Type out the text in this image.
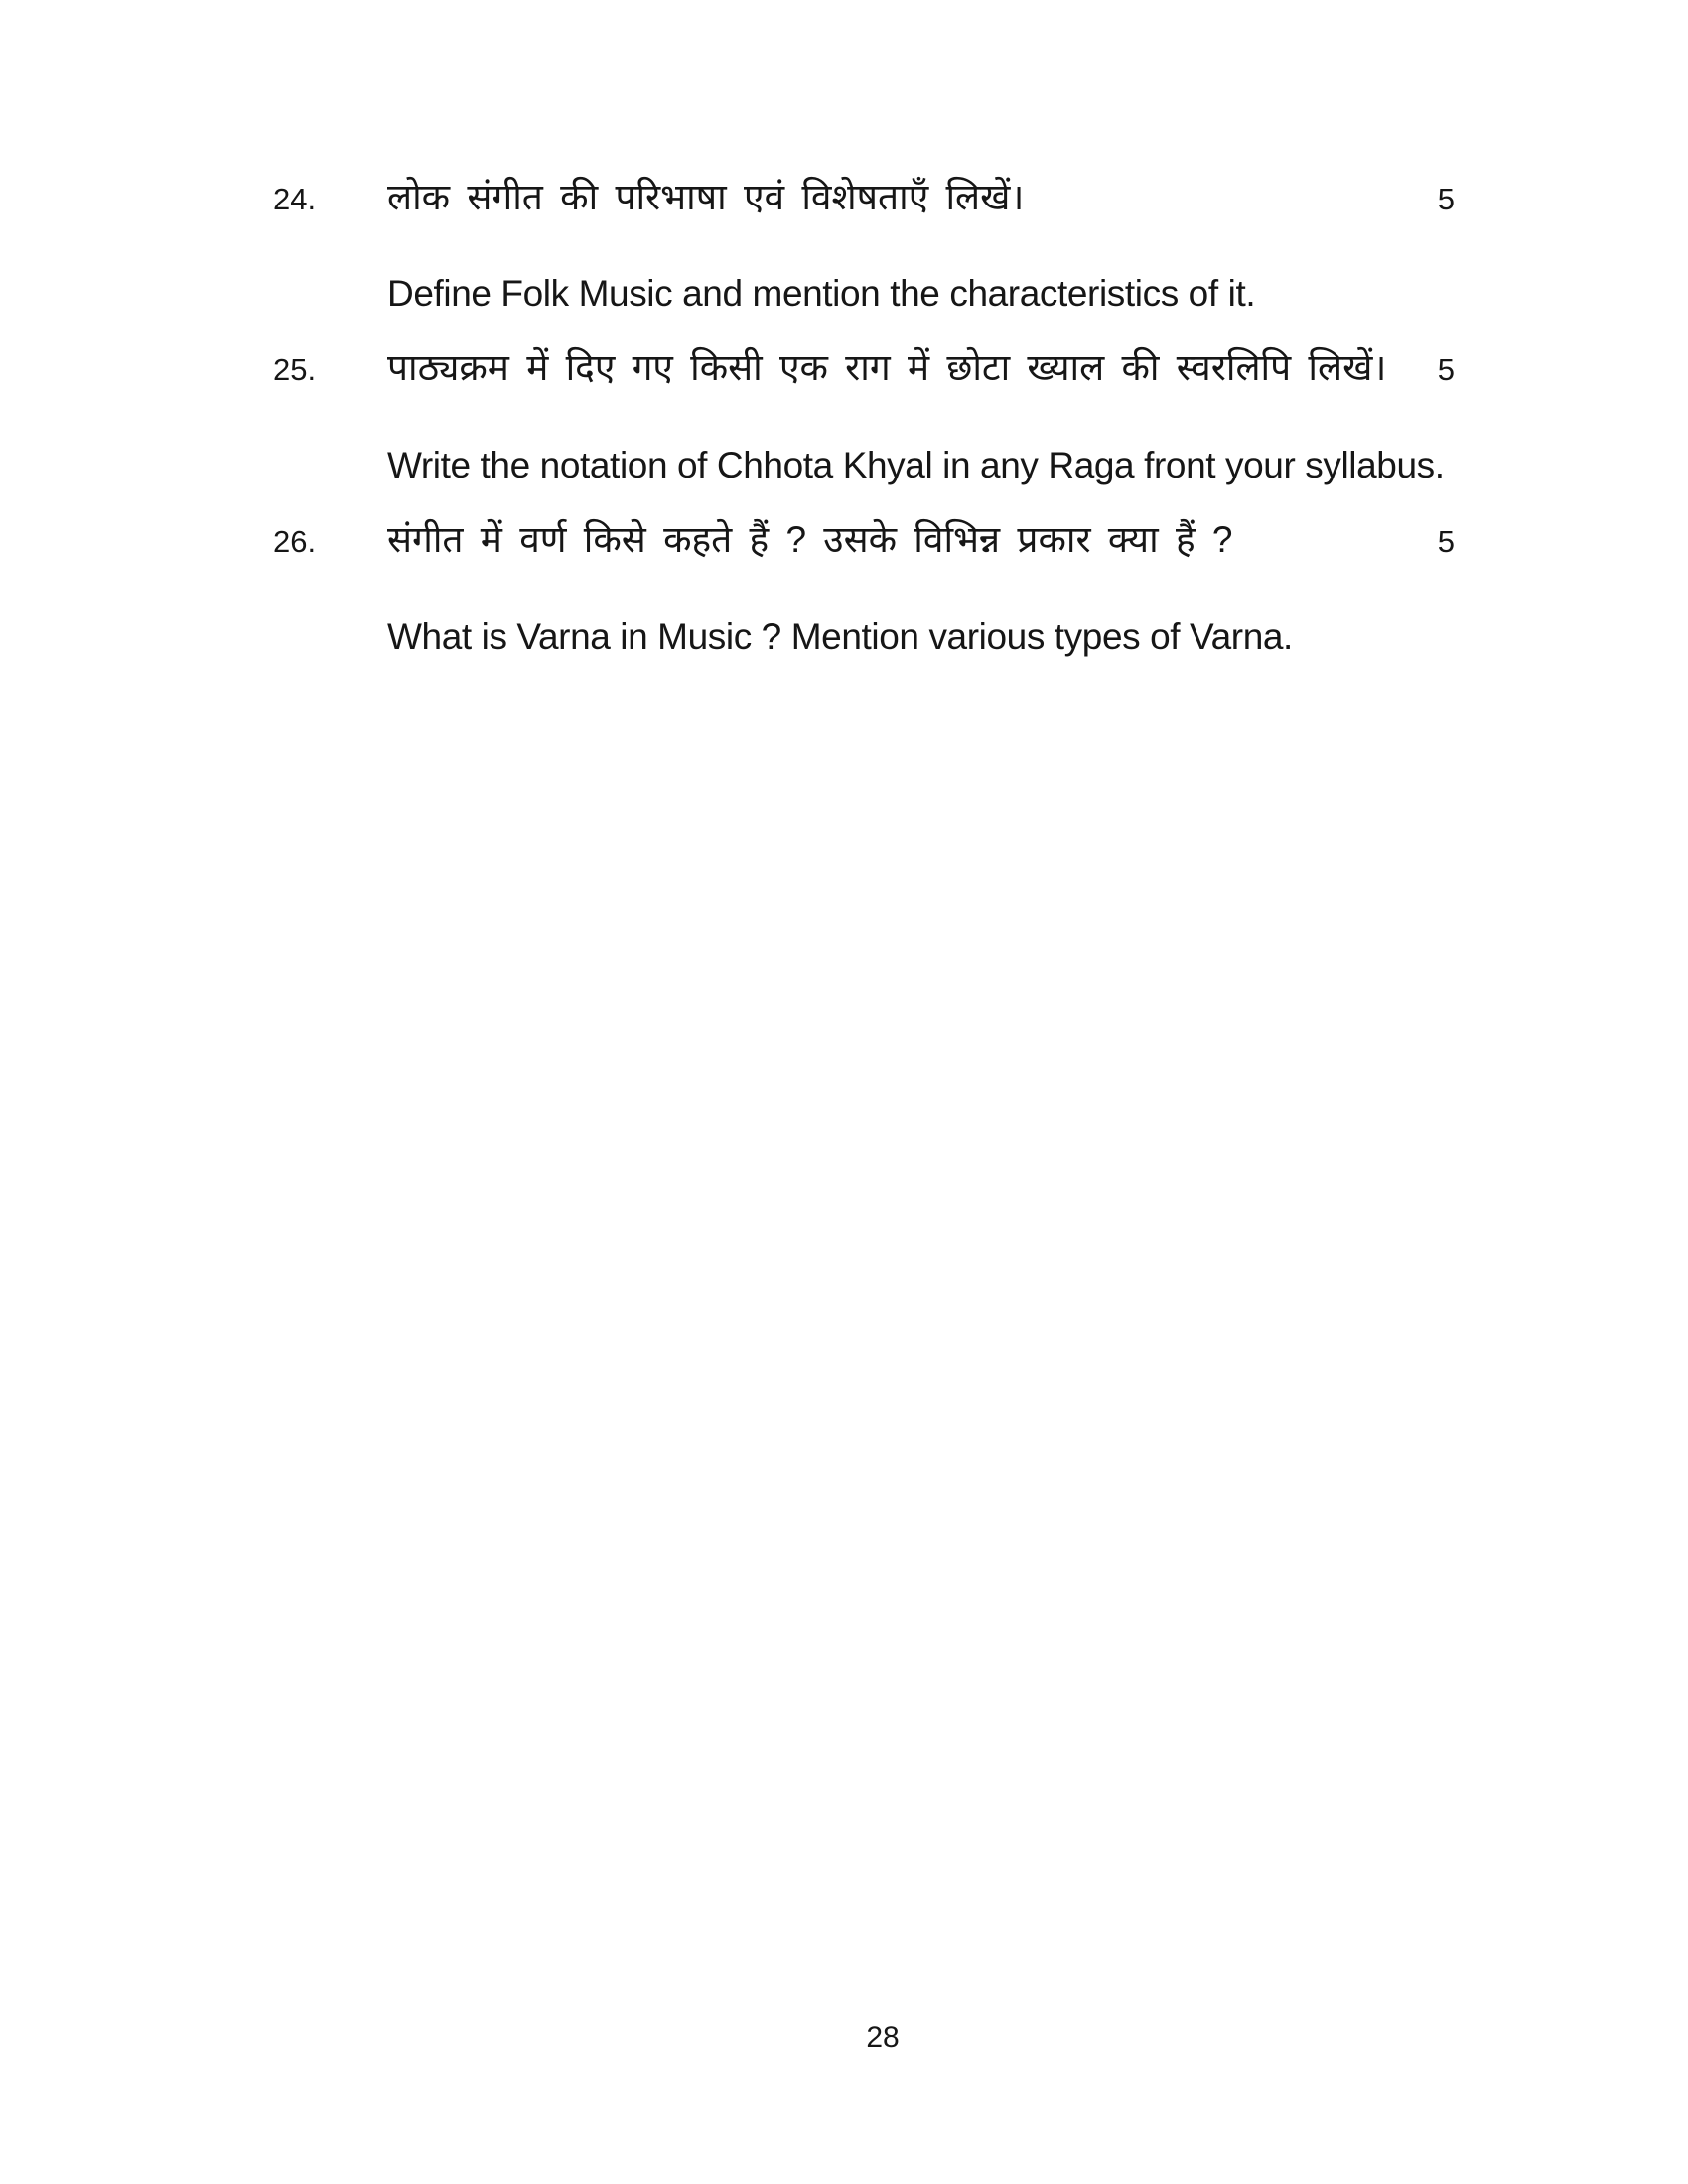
24.	लोक संगीत की परिभाषा एवं विशेषताएँ लिखें।	5
Define Folk Music and mention the characteristics of it.
25.	पाठ्यक्रम में दिए गए किसी एक राग में छोटा ख्याल की स्वरलिपि लिखें।	5
Write the notation of Chhota Khyal in any Raga front your syllabus.
26.	संगीत में वर्ण किसे कहते हैं ? उसके विभिन्न प्रकार क्या हैं ?	5
What is Varna in Music ? Mention various types of Varna.
28
